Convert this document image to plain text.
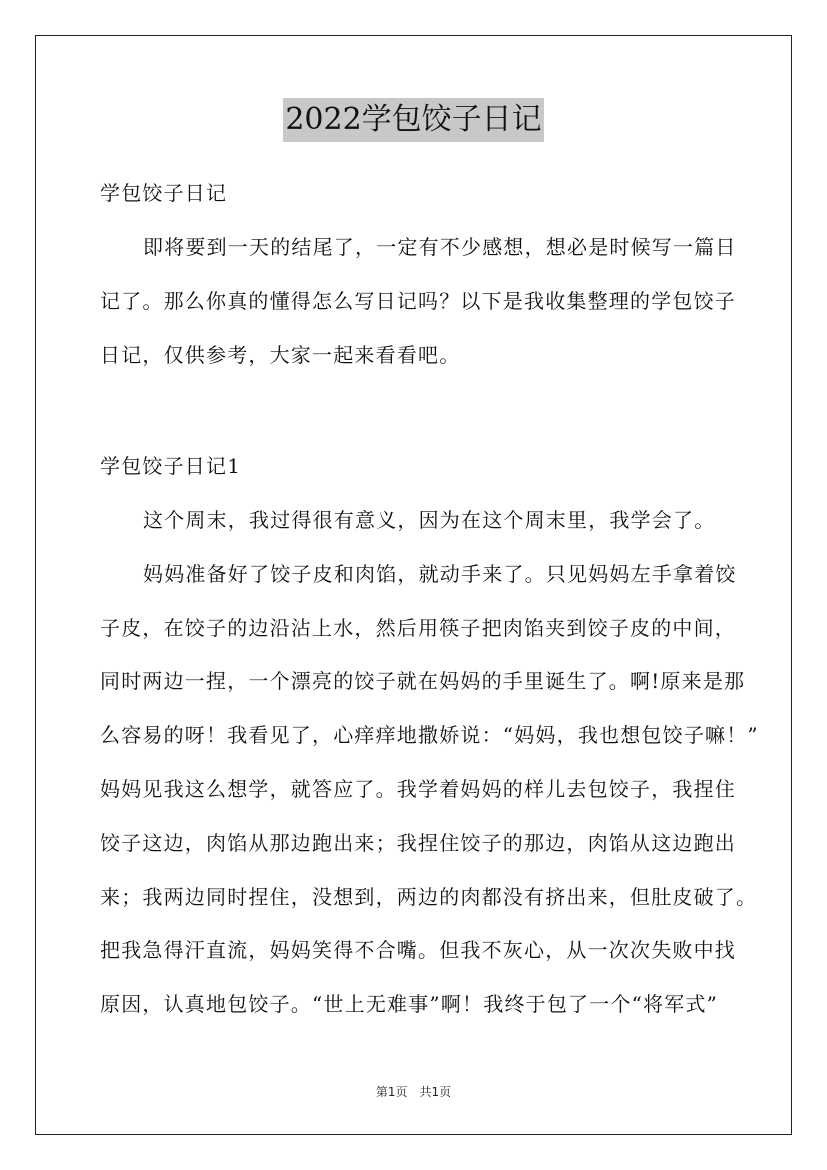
2022学包饺子日记
学包饺子日记
即将要到一天的结尾了，一定有不少感想，想必是时候写一篇日
记了。那么你真的懂得怎么写日记吗？以下是我收集整理的学包饺子
日记，仅供参考，大家一起来看看吧。
学包饺子日记1
这个周末，我过得很有意义，因为在这个周末里，我学会了。
妈妈准备好了饺子皮和肉馅，就动手来了。只见妈妈左手拿着饺
子皮，在饺子的边沿沾上水，然后用筷子把肉馅夹到饺子皮的中间，
同时两边一捏，一个漂亮的饺子就在妈妈的手里诞生了。啊!原来是那
么容易的呀！我看见了，心痒痒地撒娇说：“妈妈，我也想包饺子嘛！”
妈妈见我这么想学，就答应了。我学着妈妈的样儿去包饺子，我捏住
饺子这边，肉馅从那边跑出来；我捏住饺子的那边，肉馅从这边跑出
来；我两边同时捏住，没想到，两边的肉都没有挤出来，但肚皮破了。
把我急得汗直流，妈妈笑得不合嘴。但我不灰心，从一次次失败中找
原因，认真地包饺子。“世上无难事”啊！我终于包了一个“将军式”
第1页　共1页
